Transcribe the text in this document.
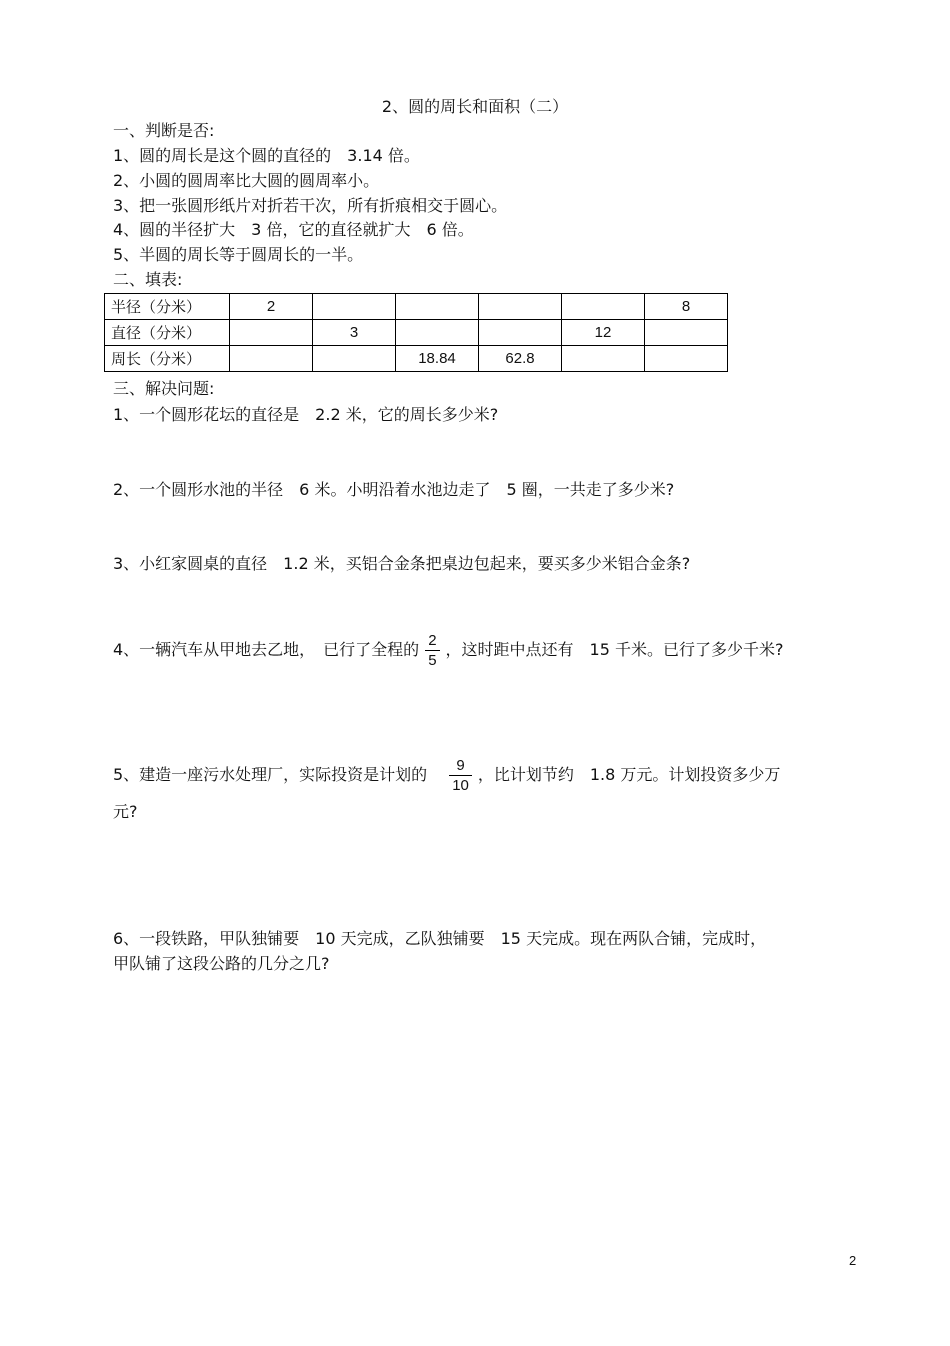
2、圆的周长和面积（二）
一、判断是否:
1、圆的周长是这个圆的直径的　3.14 倍。
2、小圆的圆周率比大圆的圆周率小。
3、把一张圆形纸片对折若干次，所有折痕相交于圆心。
4、圆的半径扩大　3 倍，它的直径就扩大　6 倍。
5、半圆的周长等于圆周长的一半。
二、填表:
半径（分米）	2					8
直径（分米）		3			12	
周长（分米）			18.84	62.8		
三、解决问题:
1、一个圆形花坛的直径是　2.2 米，它的周长多少米?
2、一个圆形水池的半径　6 米。小明沿着水池边走了　5 圈，一共走了多少米?
3、小红家圆桌的直径　1.2 米，买铝合金条把桌边包起来，要买多少米铝合金条?
4、一辆汽车从甲地去乙地，　已行了全程的 $\frac{2}{5}$ ，这时距中点还有　15 千米。已行了多少千米?
5、建造一座污水处理厂，实际投资是计划的　 $\frac{9}{10}$ ，比计划节约　1.8 万元。计划投资多少万
元?
6、一段铁路，甲队独铺要　10 天完成，乙队独铺要　15 天完成。现在两队合铺，完成时，
甲队铺了这段公路的几分之几?
2
